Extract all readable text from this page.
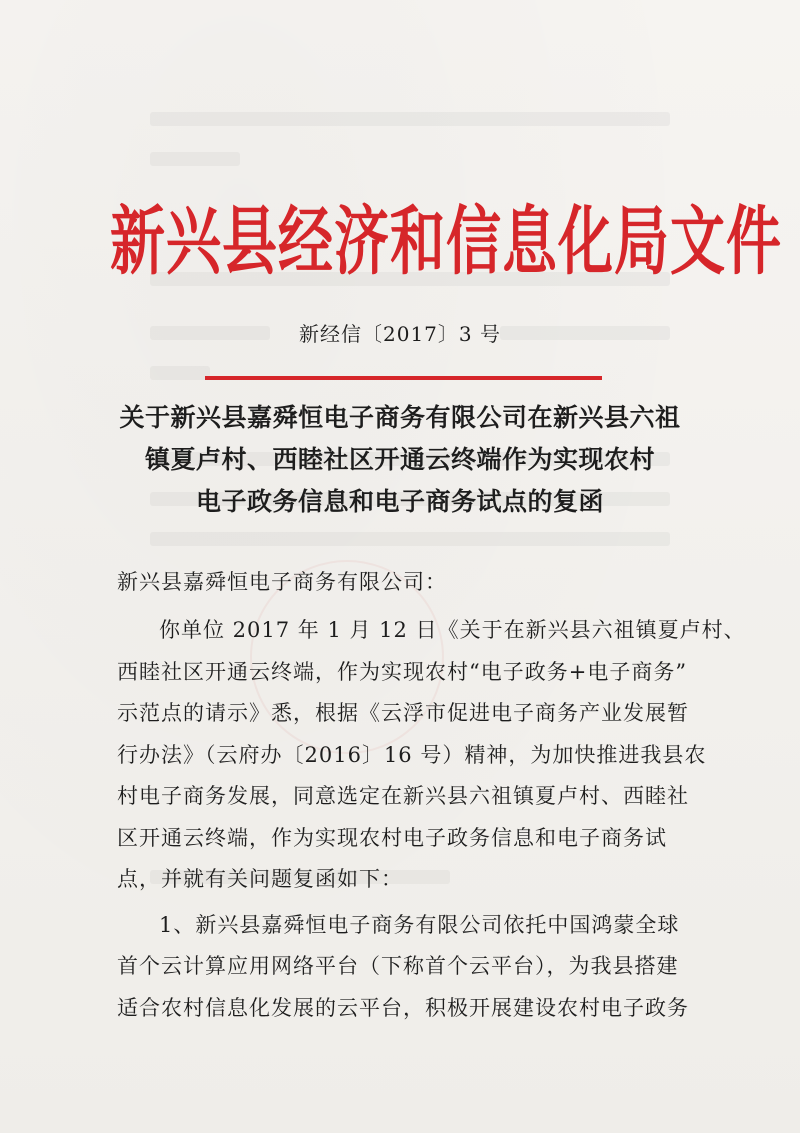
新兴县经济和信息化局文件
新经信〔2017〕3 号
关于新兴县嘉舜恒电子商务有限公司在新兴县六祖
镇夏卢村、西睦社区开通云终端作为实现农村
电子政务信息和电子商务试点的复函
新兴县嘉舜恒电子商务有限公司：
你单位 2017 年 1 月 12 日《关于在新兴县六祖镇夏卢村、
西睦社区开通云终端，作为实现农村“电子政务+电子商务”
示范点的请示》悉，根据《云浮市促进电子商务产业发展暂
行办法》（云府办〔2016〕16 号）精神，为加快推进我县农
村电子商务发展，同意选定在新兴县六祖镇夏卢村、西睦社
区开通云终端，作为实现农村电子政务信息和电子商务试
点，并就有关问题复函如下：
1、新兴县嘉舜恒电子商务有限公司依托中国鸿蒙全球
首个云计算应用网络平台（下称首个云平台），为我县搭建
适合农村信息化发展的云平台，积极开展建设农村电子政务
